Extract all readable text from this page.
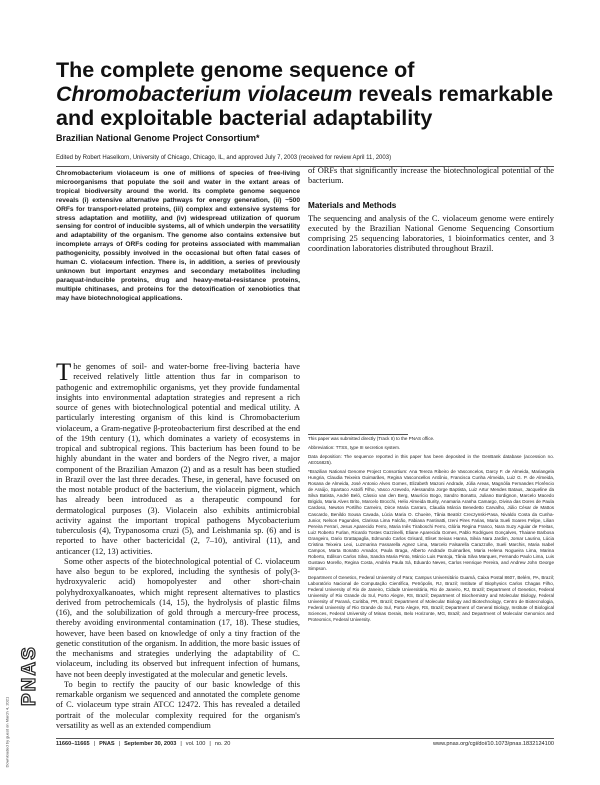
PNAS
Downloaded by guest on March 4, 2021
The complete genome sequence of Chromobacterium violaceum reveals remarkable and exploitable bacterial adaptability
Brazilian National Genome Project Consortium*
Edited by Robert Haselkorn, University of Chicago, Chicago, IL, and approved July 7, 2003 (received for review April 11, 2003)
Chromobacterium violaceum is one of millions of species of free-living microorganisms that populate the soil and water in the extant areas of tropical biodiversity around the world. Its complete genome sequence reveals (i) extensive alternative pathways for energy generation, (ii) ~500 ORFs for transport-related proteins, (iii) complex and extensive systems for stress adaptation and motility, and (iv) widespread utilization of quorum sensing for control of inducible systems, all of which underpin the versatility and adaptability of the organism. The genome also contains extensive but incomplete arrays of ORFs coding for proteins associated with mammalian pathogenicity, possibly involved in the occasional but often fatal cases of human C. violaceum infection. There is, in addition, a series of previously unknown but important enzymes and secondary metabolites including paraquat-inducible proteins, drug and heavy-metal-resistance proteins, multiple chitinases, and proteins for the detoxification of xenobiotics that may have biotechnological applications.
of ORFs that significantly increase the biotechnological potential of the bacterium.
Materials and Methods
The sequencing and analysis of the C. violaceum genome were entirely executed by the Brazilian National Genome Sequencing Consortium comprising 25 sequencing laboratories, 1 bioinformatics center, and 3 coordination laboratories distributed throughout Brazil.

This paper was submitted directly (Track II) to the PNAS office.

Abbreviation: TTSS, type III secretion system.

Data deposition: The sequence reported in this paper has been deposited in the GenBank database (accession no. AE016825).

*Brazilian National Genome Project Consortium: Ana Tereza Ribeiro de Vasconcelos, Darcy F. de Almeida, Mariangela Hungria, Claudia Teixeira Guimarães, Regina Vasconcellos Antônio, Francisca Cunha Almeida, Luiz G. P. de Almeida, Rosana de Almeida, José Antonio Alves Gomes, Elizabeth Mazoni Andrade, Júlia Areas, Magnólia Fernandes Florêncio de Araújo, Spartaco Astolfi Filho, Vasco Azevedo, Alessandra Jorge Baptista, Luiz Artur Mendes Bataus, Jacqueline da Silva Batista, André Beló, Cássio van den Berg, Maurício Bogo, Sandro Bonatto, Juliano Bordignon, Marcelo Macedo Brigido, Maria Alves Brito, Marcelo Brocchi, Helio Almeida Burity, Anamaria Aranha Camargo, Divina das Dores de Paula Cardoso, Newton Portilho Carneiro, Dirce Maria Carraro, Claudia Márcia Benedetto Carvalho, Júlio César de Mattos Cascardo, Benildo Sousa Cavada, Lúcia Maria O. Chueire, Tânia Beatriz Creczynski-Pasa, Nivaldo Costa da Cunha-Junior, Nelson Fagundes, Clarissa Lima Falcão, Fabiana Fantinatti, Izeni Pires Farias, Maria Sueli Soares Felipe, Lilian Pereira Ferrari, Jesus Aparecido Ferro, Maria Inês Tiraboschi Ferro, Glória Regina Franco, Nara Suzy Aguiar de Freitas, Luiz Roberto Furlan, Ricardo Tostes Gazzinelli, Eliane Aparecida Gomes, Pablo Rodrigues Gonçalves, Thaiane Barbosa Grangeiro, Dario Grattapaglia, Edmundo Carlos Grisard, Eliset Seixas Hanna, Silvia Nara Jardim, Jomar Laurino, Lúcia Cristina Teixeira Leoi, Luzmarina Fassarella Agnez Lima, Marcelo Falsarella Carazzolle, Sueli Marchis, Maria Isabel Campos, Marta Bonatto Amador, Paula Braga, Alberto Andrade Guimarães, Maria Helena Nogueira Lima, Marina Roberto, Edilson Carlos Silva, Sandra Maria Pinto, Márcio Luis Pantoja, Tânia Silva Marques, Fernando Paulo Lima, Luis Gustavo Morello, Regina Costa, Andréa Paula Sá, Eduardo Neves, Carlos Henrique Pereira, and Andrew John George Simpson.

Department of Genetics, Federal University of Para; Campus Universitário Guamá, Caixa Postal 8607, Belém, PA, Brazil; Laboratório Nacional de Computação Científica, Petrópolis, RJ, Brazil; Institute of Biophysics Carlos Chagas Filho, Federal University of Rio de Janeiro, Cidade Universitária, Rio de Janeiro, RJ, Brazil; Department of Genetics, Federal University of Rio Grande do Sul, Porto Alegre, RS, Brazil; Department of Biochemistry and Molecular Biology, Federal University of Paraná, Curitiba, PR, Brazil; Department of Molecular Biology and Biotechnology, Centro de Biotecnologia, Federal University of Rio Grande do Sul, Porto Alegre, RS, Brazil; Department of General Biology, Institute of Biological Sciences, Federal University of Minas Gerais, Belo Horizonte, MG, Brazil; and Department of Molecular Genomics and Proteomics, Federal University.

The genomes of soil- and water-borne free-living bacteria have received relatively little attention thus far in comparison to pathogenic and extremophilic organisms, yet they provide fundamental insights into environmental adaptation strategies and represent a rich source of genes with biotechnological potential and medical utility. A particularly interesting organism of this kind is Chromobacterium violaceum, a Gram-negative β-proteobacterium first described at the end of the 19th century (1), which dominates a variety of ecosystems in tropical and subtropical regions. This bacterium has been found to be highly abundant in the water and borders of the Negro river, a major component of the Brazilian Amazon (2) and as a result has been studied in Brazil over the last three decades. These, in general, have focused on the most notable product of the bacterium, the violacein pigment, which has already been introduced as a therapeutic compound for dermatological purposes (3). Violacein also exhibits antimicrobial activity against the important tropical pathogens Mycobacterium tuberculosis (4), Trypanosoma cruzi (5), and Leishmania sp. (6) and is reported to have other bactericidal (2, 7–10), antiviral (11), and anticancer (12, 13) activities.

Some other aspects of the biotechnological potential of C. violaceum have also begun to be explored, including the synthesis of poly(3-hydroxyvaleric acid) homopolyester and other short-chain polyhydroxyalkanoates, which might represent alternatives to plastics derived from petrochemicals (14, 15), the hydrolysis of plastic films (16), and the solubilization of gold through a mercury-free process, thereby avoiding environmental contamination (17, 18). These studies, however, have been based on knowledge of only a tiny fraction of the genetic constitution of the organism. In addition, the more basic issues of the mechanisms and strategies underlying the adaptability of C. violaceum, including its observed but infrequent infection of humans, have not been deeply investigated at the molecular and genetic levels.

To begin to rectify the paucity of our basic knowledge of this remarkable organism we sequenced and annotated the complete genome of C. violaceum type strain ATCC 12472. This has revealed a detailed portrait of the molecular complexity required for the organism's versatility as well as an extended compendium

11660–11665 | PNAS | September 30, 2003 | vol. 100 | no. 20	www.pnas.org/cgi/doi/10.1073/pnas.1832124100
